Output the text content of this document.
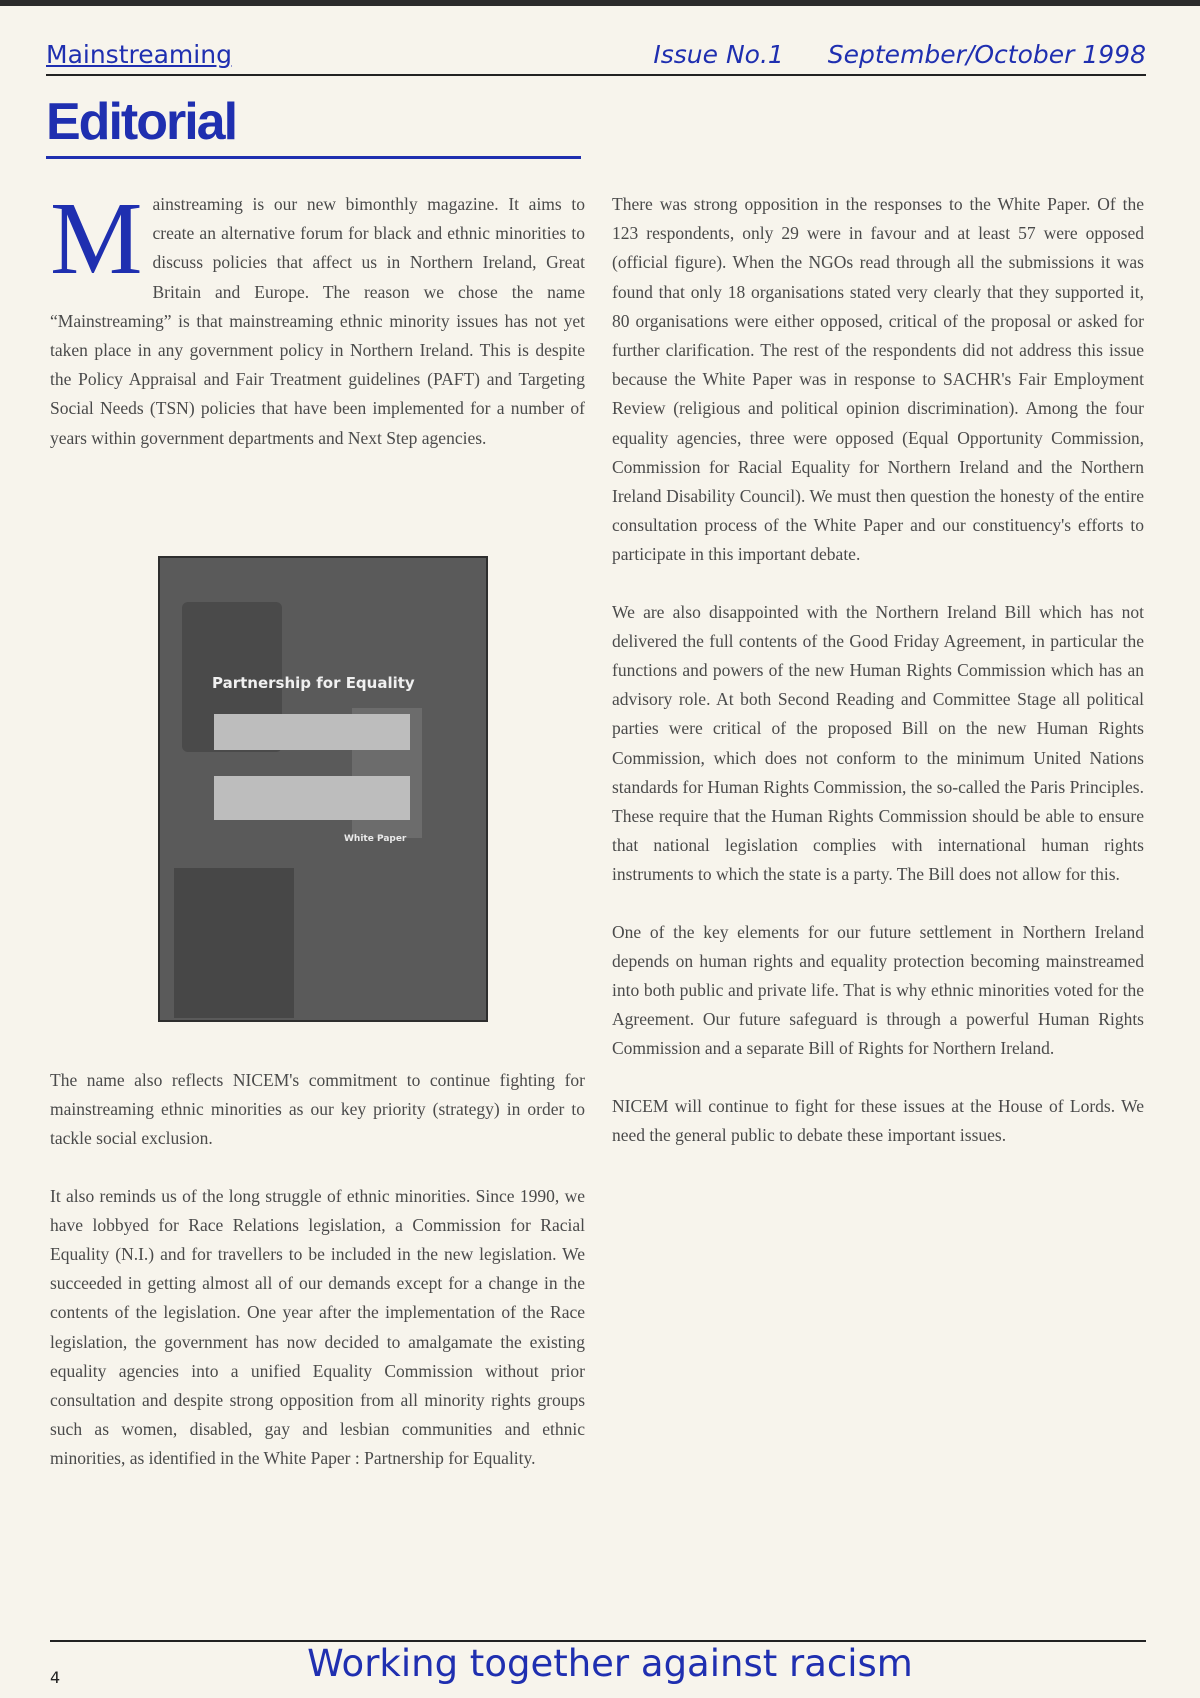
Mainstreaming	Issue No.1 September/October 1998
Editorial

Mainstreaming is our new bimonthly magazine. It aims to create an alternative forum for black and ethnic minorities to discuss policies that affect us in Northern Ireland, Great Britain and Europe. The reason we chose the name “Mainstreaming” is that mainstreaming ethnic minority issues has not yet taken place in any government policy in Northern Ireland. This is despite the Policy Appraisal and Fair Treatment guidelines (PAFT) and Targeting Social Needs (TSN) policies that have been implemented for a number of years within government departments and Next Step agencies.

Partnership for Equality
White Paper

The name also reflects NICEM's commitment to continue fighting for mainstreaming ethnic minorities as our key priority (strategy) in order to tackle social exclusion.

It also reminds us of the long struggle of ethnic minorities. Since 1990, we have lobbyed for Race Relations legislation, a Commission for Racial Equality (N.I.) and for travellers to be included in the new legislation. We succeeded in getting almost all of our demands except for a change in the contents of the legislation. One year after the implementation of the Race legislation, the government has now decided to amalgamate the existing equality agencies into a unified Equality Commission without prior consultation and despite strong opposition from all minority rights groups such as women, disabled, gay and lesbian communities and ethnic minorities, as identified in the White Paper : Partnership for Equality.

There was strong opposition in the responses to the White Paper. Of the 123 respondents, only 29 were in favour and at least 57 were opposed (official figure). When the NGOs read through all the submissions it was found that only 18 organisations stated very clearly that they supported it, 80 organisations were either opposed, critical of the proposal or asked for further clarification. The rest of the respondents did not address this issue because the White Paper was in response to SACHR's Fair Employment Review (religious and political opinion discrimination). Among the four equality agencies, three were opposed (Equal Opportunity Commission, Commission for Racial Equality for Northern Ireland and the Northern Ireland Disability Council). We must then question the honesty of the entire consultation process of the White Paper and our constituency's efforts to participate in this important debate.

We are also disappointed with the Northern Ireland Bill which has not delivered the full contents of the Good Friday Agreement, in particular the functions and powers of the new Human Rights Commission which has an advisory role. At both Second Reading and Committee Stage all political parties were critical of the proposed Bill on the new Human Rights Commission, which does not conform to the minimum United Nations standards for Human Rights Commission, the so-called the Paris Principles. These require that the Human Rights Commission should be able to ensure that national legislation complies with international human rights instruments to which the state is a party. The Bill does not allow for this.

One of the key elements for our future settlement in Northern Ireland depends on human rights and equality protection becoming mainstreamed into both public and private life. That is why ethnic minorities voted for the Agreement. Our future safeguard is through a powerful Human Rights Commission and a separate Bill of Rights for Northern Ireland.

NICEM will continue to fight for these issues at the House of Lords. We need the general public to debate these important issues.

4	Working together against racism
